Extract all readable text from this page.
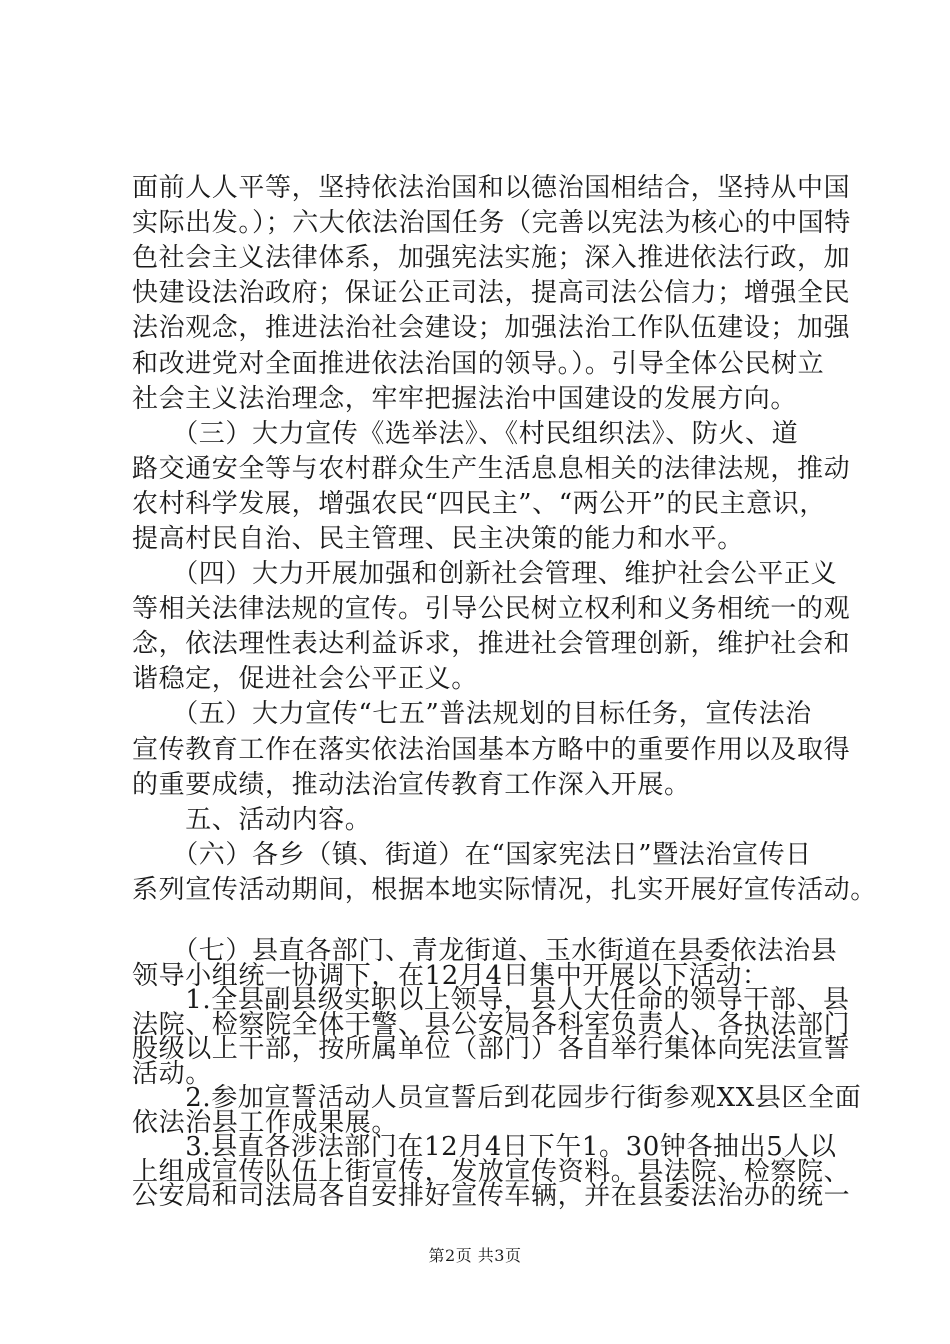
面前人人平等，坚持依法治国和以德治国相结合，坚持从中国
实际出发。）；六大依法治国任务（完善以宪法为核心的中国特
色社会主义法律体系，加强宪法实施；深入推进依法行政，加
快建设法治政府；保证公正司法，提高司法公信力；增强全民
法治观念，推进法治社会建设；加强法治工作队伍建设；加强
和改进党对全面推进依法治国的领导。）。引导全体公民树立
社会主义法治理念，牢牢把握法治中国建设的发展方向。
　　（三）大力宣传《选举法》、《村民组织法》、防火、道
路交通安全等与农村群众生产生活息息相关的法律法规，推动
农村科学发展，增强农民“四民主”、“两公开”的民主意识，
提高村民自治、民主管理、民主决策的能力和水平。
　　（四）大力开展加强和创新社会管理、维护社会公平正义
等相关法律法规的宣传。引导公民树立权利和义务相统一的观
念，依法理性表达利益诉求，推进社会管理创新，维护社会和
谐稳定，促进社会公平正义。
　　（五）大力宣传“七五”普法规划的目标任务，宣传法治
宣传教育工作在落实依法治国基本方略中的重要作用以及取得
的重要成绩，推动法治宣传教育工作深入开展。
　　五、活动内容。
　　（六）各乡（镇、街道）在“国家宪法日”暨法治宣传日
系列宣传活动期间，根据本地实际情况，扎实开展好宣传活动。
　　（七）县直各部门、青龙街道、玉水街道在县委依法治县
领导小组统一协调下，在12月4日集中开展以下活动：
　　1.全县副县级实职以上领导，县人大任命的领导干部、县
法院、检察院全体干警、县公安局各科室负责人、各执法部门
股级以上干部，按所属单位（部门）各自举行集体向宪法宣誓
活动。
　　2.参加宣誓活动人员宣誓后到花园步行街参观XX县区全面
依法治县工作成果展。
　　3.县直各涉法部门在12月4日下午1。30钟各抽出5人以
上组成宣传队伍上街宣传，发放宣传资料。县法院、检察院、
公安局和司法局各自安排好宣传车辆，并在县委法治办的统一
第2页 共3页
